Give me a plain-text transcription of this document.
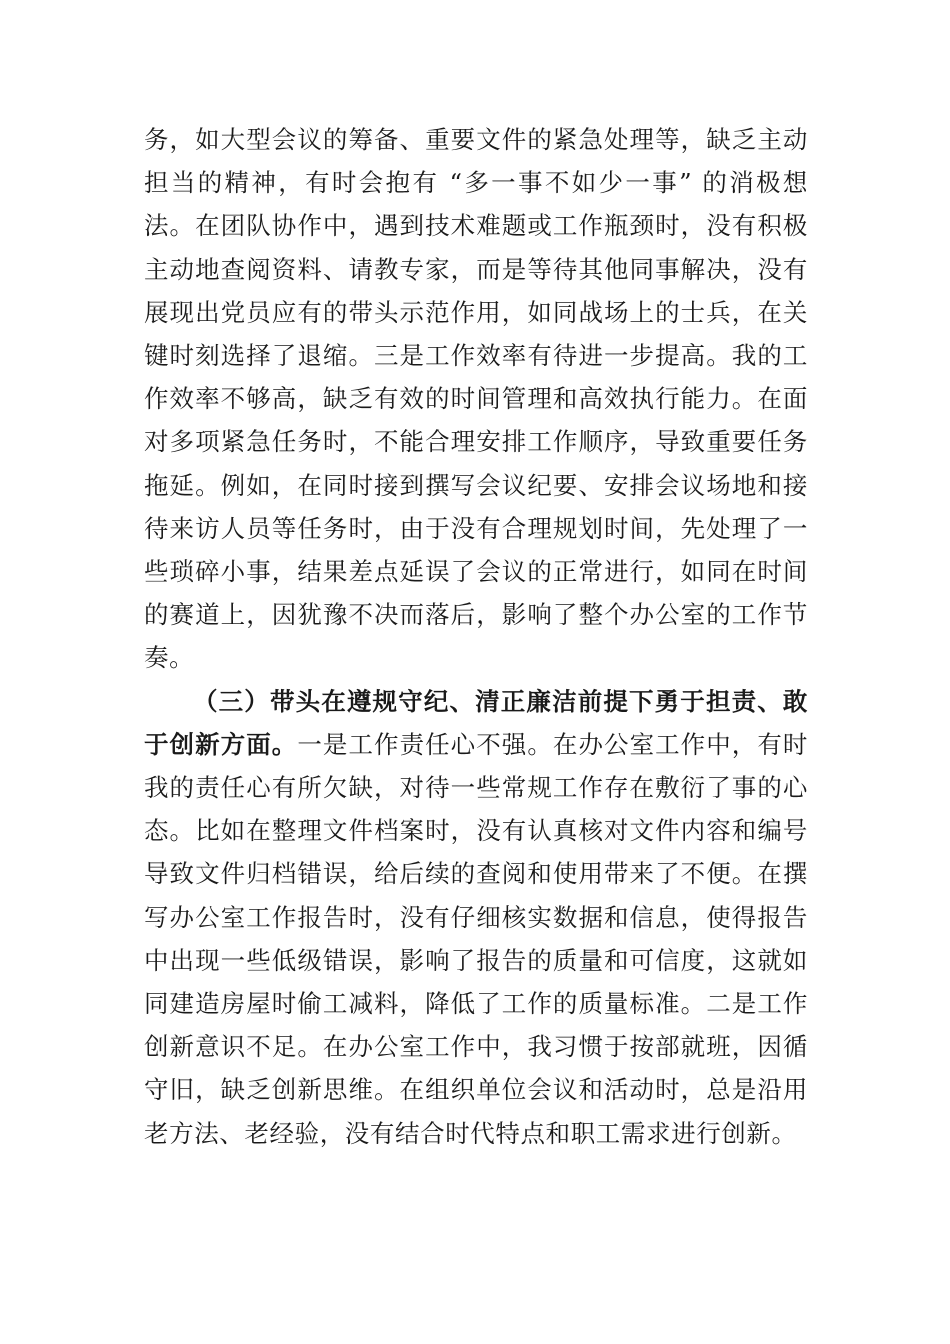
务，如大型会议的筹备、重要文件的紧急处理等，缺乏主动担当的精神，有时会抱有 “多一事不如少一事” 的消极想法。在团队协作中，遇到技术难题或工作瓶颈时，没有积极主动地查阅资料、请教专家，而是等待其他同事解决，没有展现出党员应有的带头示范作用，如同战场上的士兵，在关键时刻选择了退缩。三是工作效率有待进一步提高。我的工作效率不够高，缺乏有效的时间管理和高效执行能力。在面对多项紧急任务时，不能合理安排工作顺序，导致重要任务拖延。例如，在同时接到撰写会议纪要、安排会议场地和接待来访人员等任务时，由于没有合理规划时间，先处理了一些琐碎小事，结果差点延误了会议的正常进行，如同在时间的赛道上，因犹豫不决而落后，影响了整个办公室的工作节奏。

（三）带头在遵规守纪、清正廉洁前提下勇于担责、敢于创新方面。一是工作责任心不强。在办公室工作中，有时我的责任心有所欠缺，对待一些常规工作存在敷衍了事的心态。比如在整理文件档案时，没有认真核对文件内容和编号导致文件归档错误，给后续的查阅和使用带来了不便。在撰写办公室工作报告时，没有仔细核实数据和信息，使得报告中出现一些低级错误，影响了报告的质量和可信度，这就如同建造房屋时偷工减料，降低了工作的质量标准。二是工作创新意识不足。在办公室工作中，我习惯于按部就班，因循守旧，缺乏创新思维。在组织单位会议和活动时，总是沿用老方法、老经验，没有结合时代特点和职工需求进行创新。
